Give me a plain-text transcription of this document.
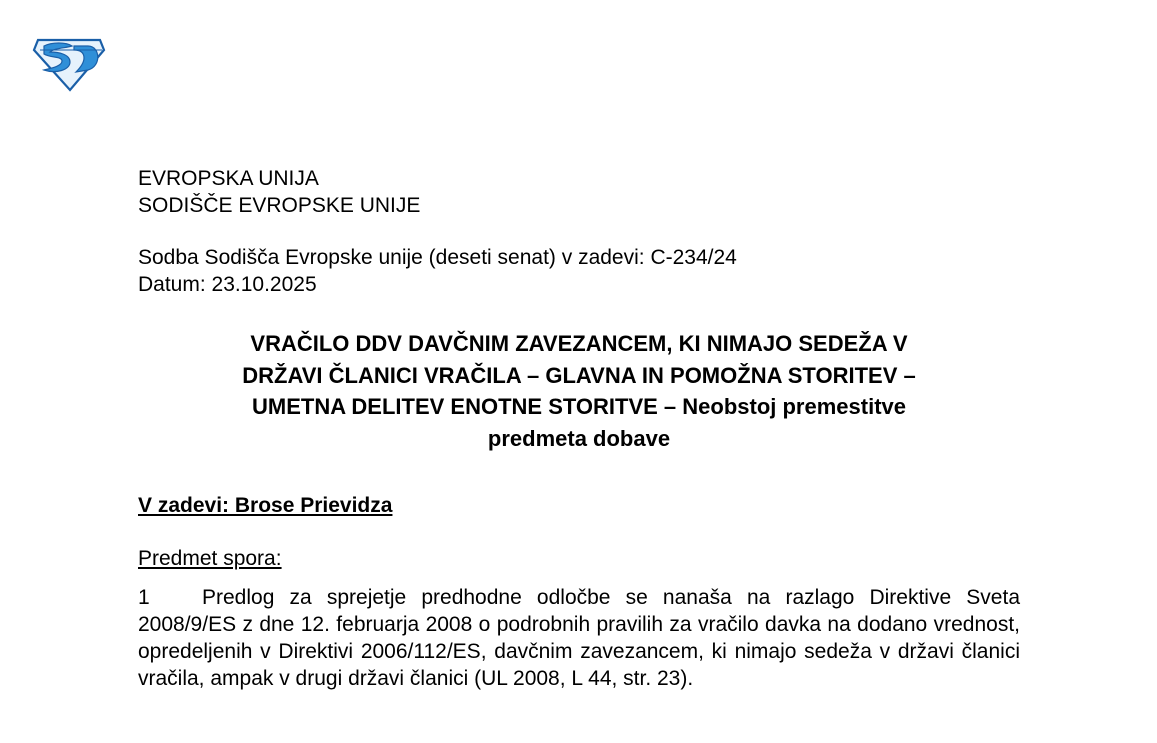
EVROPSKA UNIJA
SODIŠČE EVROPSKE UNIJE
Sodba Sodišča Evropske unije (deseti senat) v zadevi: C-234/24
Datum: 23.10.2025
VRAČILO DDV DAVČNIM ZAVEZANCEM, KI NIMAJO SEDEŽA V
DRŽAVI ČLANICI VRAČILA – GLAVNA IN POMOŽNA STORITEV –
UMETNA DELITEV ENOTNE STORITVE – Neobstoj premestitve
predmeta dobave
V zadevi: Brose Prievidza
Predmet spora:
1 Predlog za sprejetje predhodne odločbe se nanaša na razlago Direktive Sveta 2008/9/ES z dne 12. februarja 2008 o podrobnih pravilih za vračilo davka na dodano vrednost, opredeljenih v Direktivi 2006/112/ES, davčnim zavezancem, ki nimajo sedeža v državi članici vračila, ampak v drugi državi članici (UL 2008, L 44, str. 23).
